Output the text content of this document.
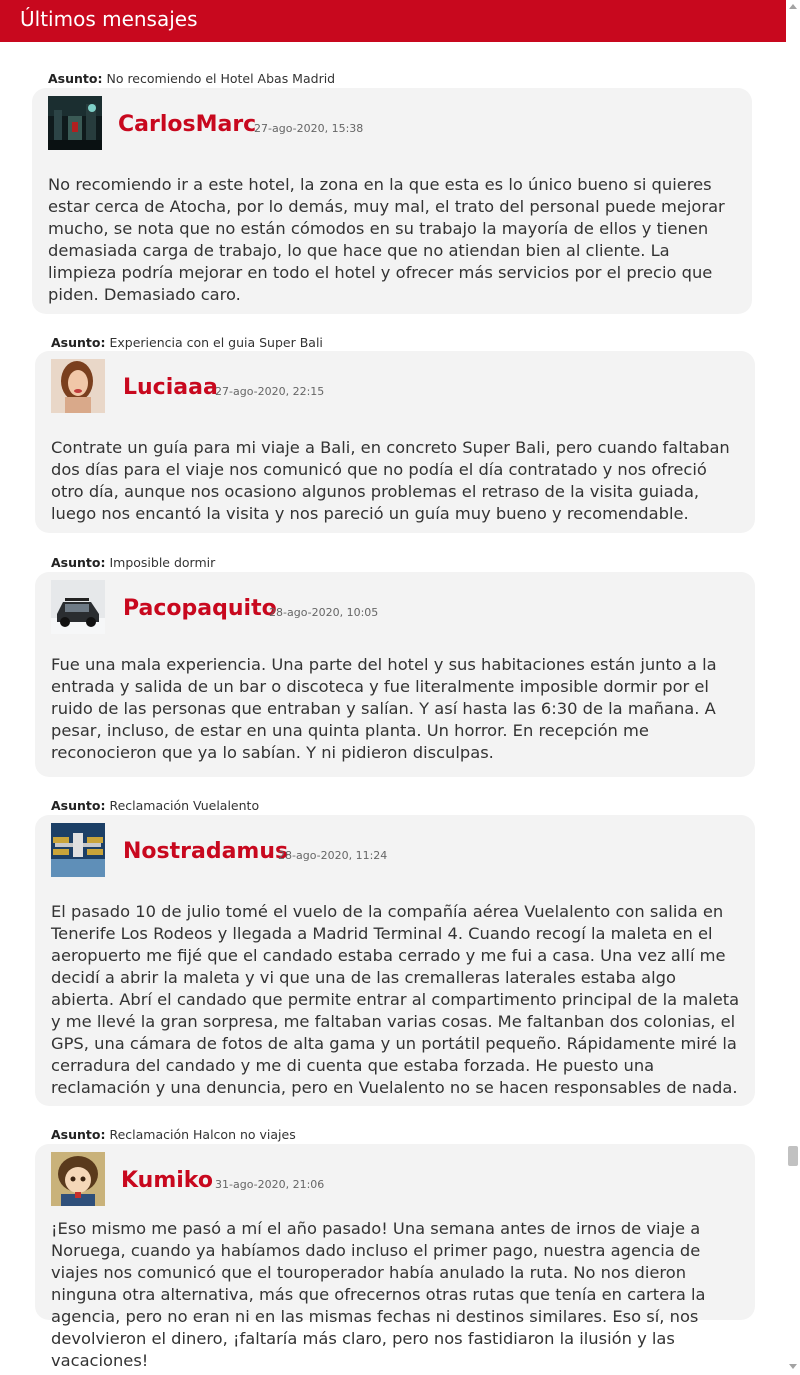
Últimos mensajes
Asunto: No recomiendo el Hotel Abas Madrid
CarlosMarc
27-ago-2020, 15:38
No recomiendo ir a este hotel, la zona en la que esta es lo único bueno si quieres estar cerca de Atocha, por lo demás, muy mal, el trato del personal puede mejorar mucho, se nota que no están cómodos en su trabajo la mayoría de ellos y tienen demasiada carga de trabajo, lo que hace que no atiendan bien al cliente. La limpieza podría mejorar en todo el hotel y ofrecer más servicios por el precio que piden. Demasiado caro.
Asunto: Experiencia con el guia Super Bali
Luciaaa
27-ago-2020, 22:15
Contrate un guía para mi viaje a Bali, en concreto Super Bali, pero cuando faltaban dos días para el viaje nos comunicó que no podía el día contratado y nos ofreció otro día, aunque nos ocasiono algunos problemas el retraso de la visita guiada, luego nos encantó la visita y nos pareció un guía muy bueno y recomendable.
Asunto: Imposible dormir
Pacopaquito
28-ago-2020, 10:05
Fue una mala experiencia. Una parte del hotel y sus habitaciones están junto a la entrada y salida de un bar o discoteca y fue literalmente imposible dormir por el ruido de las personas que entraban y salían. Y así hasta las 6:30 de la mañana. A pesar, incluso, de estar en una quinta planta. Un horror. En recepción me reconocieron que ya lo sabían. Y ni pidieron disculpas.
Asunto: Reclamación Vuelalento
Nostradamus
28-ago-2020, 11:24
El pasado 10 de julio tomé el vuelo de la compañía aérea Vuelalento con salida en Tenerife Los Rodeos y llegada a Madrid Terminal 4. Cuando recogí la maleta en el aeropuerto me fijé que el candado estaba cerrado y me fui a casa. Una vez allí me decidí a abrir la maleta y vi que una de las cremalleras laterales estaba algo abierta. Abrí el candado que permite entrar al compartimento principal de la maleta y me llevé la gran sorpresa, me faltaban varias cosas. Me faltanban dos colonias, el GPS, una cámara de fotos de alta gama y un portátil pequeño. Rápidamente miré la cerradura del candado y me di cuenta que estaba forzada. He puesto una reclamación y una denuncia, pero en Vuelalento no se hacen responsables de nada.
Asunto: Reclamación Halcon no viajes
Kumiko 31-ago-2020, 21:06
¡Eso mismo me pasó a mí el año pasado! Una semana antes de irnos de viaje a Noruega, cuando ya habíamos dado incluso el primer pago, nuestra agencia de viajes nos comunicó que el touroperador había anulado la ruta. No nos dieron ninguna otra alternativa, más que ofrecernos otras rutas que tenía en cartera la agencia, pero no eran ni en las mismas fechas ni destinos similares. Eso sí, nos devolvieron el dinero, ¡faltaría más claro, pero nos fastidiaron la ilusión y las vacaciones!
